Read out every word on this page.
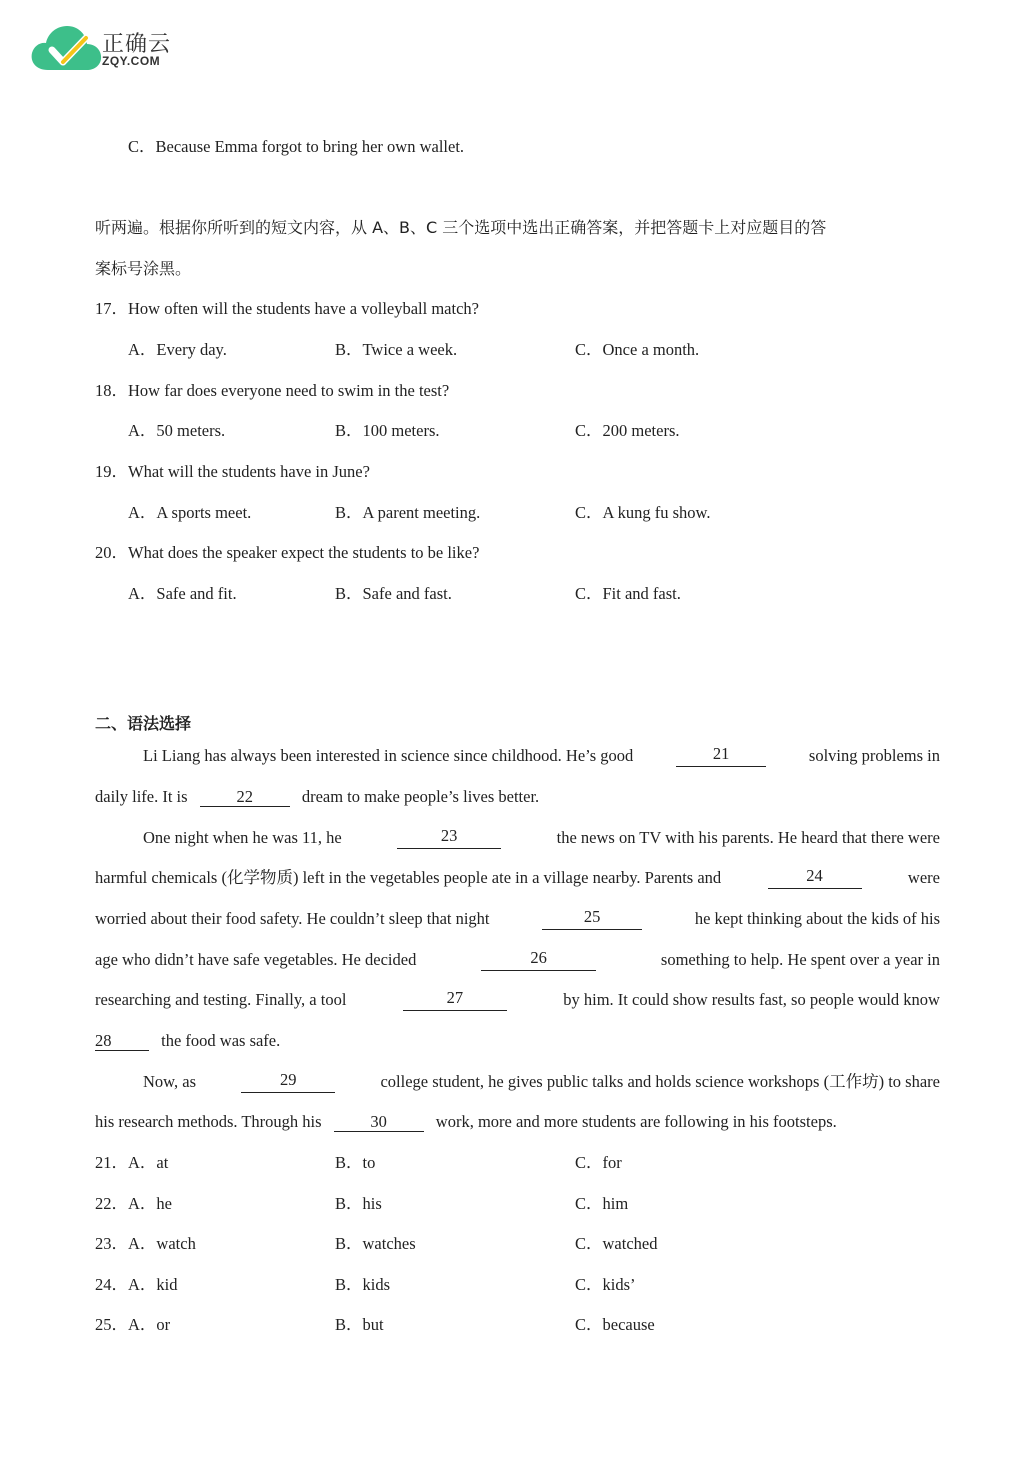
正确云
ZQY.COM
C．Because Emma forgot to bring her own wallet.
听两遍。根据你所听到的短文内容，从 A、B、C 三个选项中选出正确答案，并把答题卡上对应题目的答
案标号涂黑。
17．How often will the students have a volleyball match?
A．Every day.	B．Twice a week.	C．Once a month.
18．How far does everyone need to swim in the test?
A．50 meters.	B．100 meters.	C．200 meters.
19．What will the students have in June?
A．A sports meet.	B．A parent meeting.	C．A kung fu show.
20．What does the speaker expect the students to be like?
A．Safe and fit.	B．Safe and fast.	C．Fit and fast.
二、语法选择
Li Liang has always been interested in science since childhood. He’s good	21	solving problems in
daily life. It is	22	dream to make people’s lives better.
One night when he was 11, he	23	the news on TV with his parents. He heard that there were
harmful chemicals (化学物质) left in the vegetables people ate in a village nearby. Parents and	24	were
worried about their food safety. He couldn’t sleep that night	25	he kept thinking about the kids of his
age who didn’t have safe vegetables. He decided	26	something to help. He spent over a year in
researching and testing. Finally, a tool	27	by him. It could show results fast, so people would know
28	the food was safe.
Now, as	29	college student, he gives public talks and holds science workshops (工作坊) to share
his research methods. Through his	30	work, more and more students are following in his footsteps.
21．A．at	B．to	C．for
22．A．he	B．his	C．him
23．A．watch	B．watches	C．watched
24．A．kid	B．kids	C．kids’
25．A．or	B．but	C．because
